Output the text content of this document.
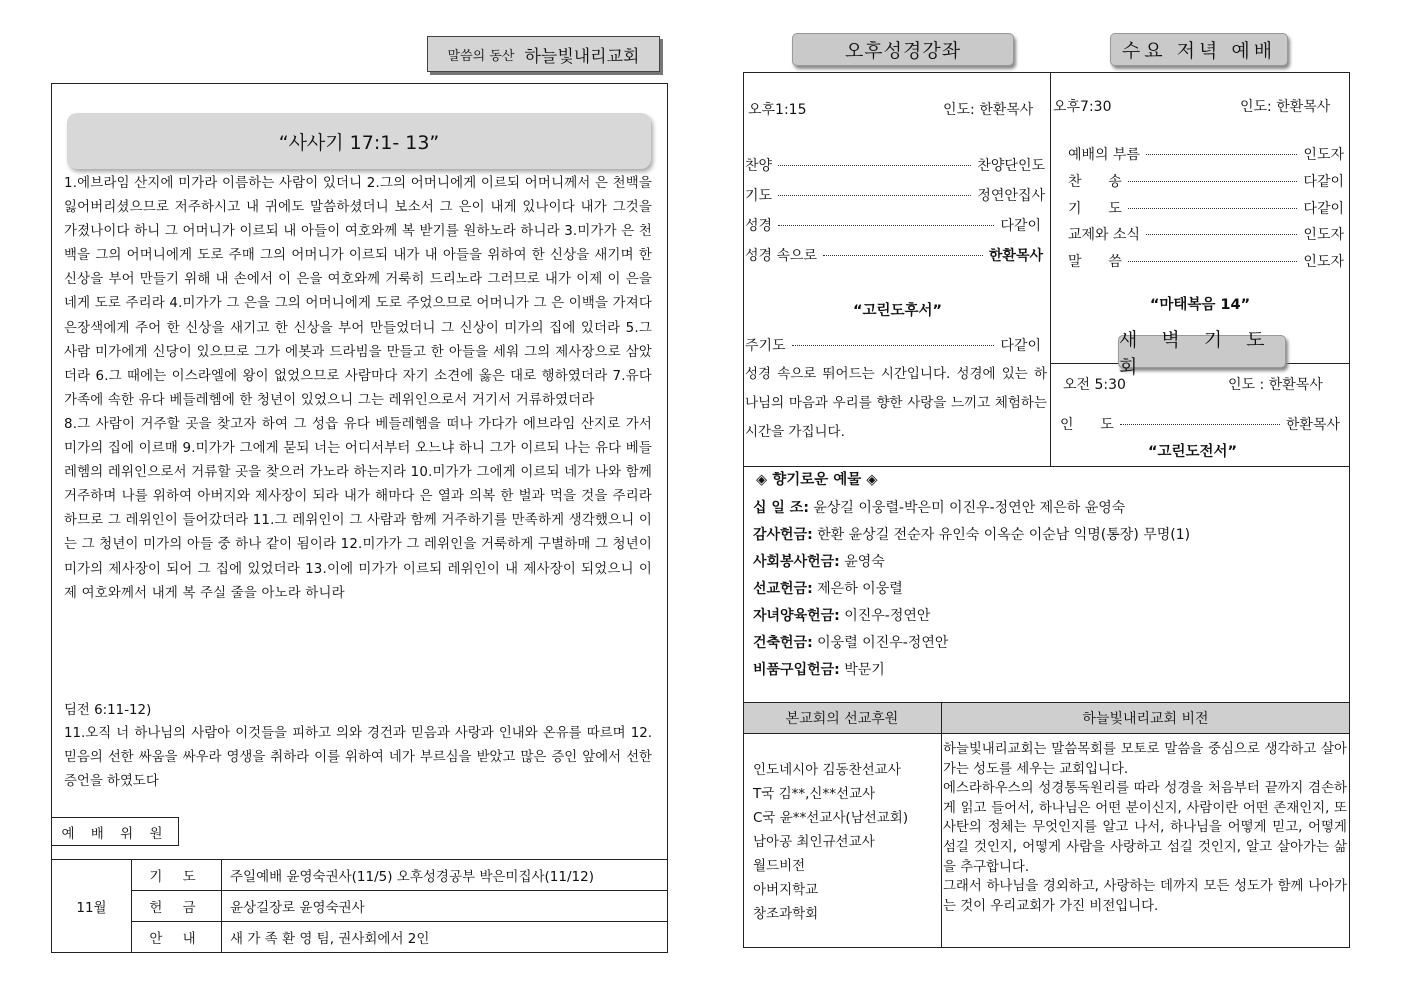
말씀의 동산 하늘빛내리교회
“사사기 17:1- 13”
1.에브라임 산지에 미가라 이름하는 사람이 있더니 2.그의 어머니에게 이르되 어머니께서 은 천백을 잃어버리셨으므로 저주하시고 내 귀에도 말씀하셨더니 보소서 그 은이 내게 있나이다 내가 그것을 가졌나이다 하니 그 어머니가 이르되 내 아들이 여호와께 복 받기를 원하노라 하니라 3.미가가 은 천백을 그의 어머니에게 도로 주매 그의 어머니가 이르되 내가 내 아들을 위하여 한 신상을 새기며 한 신상을 부어 만들기 위해 내 손에서 이 은을 여호와께 거룩히 드리노라 그러므로 내가 이제 이 은을 네게 도로 주리라 4.미가가 그 은을 그의 어머니에게 도로 주었으므로 어머니가 그 은 이백을 가져다 은장색에게 주어 한 신상을 새기고 한 신상을 부어 만들었더니 그 신상이 미가의 집에 있더라 5.그 사람 미가에게 신당이 있으므로 그가 에봇과 드라빔을 만들고 한 아들을 세워 그의 제사장으로 삼았더라 6.그 때에는 이스라엘에 왕이 없었으므로 사람마다 자기 소견에 옳은 대로 행하였더라 7.유다 가족에 속한 유다 베들레헴에 한 청년이 있었으니 그는 레위인으로서 거기서 거류하였더라
8.그 사람이 거주할 곳을 찾고자 하여 그 성읍 유다 베들레헴을 떠나 가다가 에브라임 산지로 가서 미가의 집에 이르매 9.미가가 그에게 묻되 너는 어디서부터 오느냐 하니 그가 이르되 나는 유다 베들레헴의 레위인으로서 거류할 곳을 찾으러 가노라 하는지라 10.미가가 그에게 이르되 네가 나와 함께 거주하며 나를 위하여 아버지와 제사장이 되라 내가 해마다 은 열과 의복 한 벌과 먹을 것을 주리라 하므로 그 레위인이 들어갔더라 11.그 레위인이 그 사람과 함께 거주하기를 만족하게 생각했으니 이는 그 청년이 미가의 아들 중 하나 같이 됨이라 12.미가가 그 레위인을 거룩하게 구별하매 그 청년이 미가의 제사장이 되어 그 집에 있었더라 13.이에 미가가 이르되 레위인이 내 제사장이 되었으니 이제 여호와께서 내게 복 주실 줄을 아노라 하니라
딤전 6:11-12)
11.오직 너 하나님의 사람아 이것들을 피하고 의와 경건과 믿음과 사랑과 인내와 온유를 따르며 12.믿음의 선한 싸움을 싸우라 영생을 취하라 이를 위하여 네가 부르심을 받았고 많은 증인 앞에서 선한 증언을 하였도다
예 배 위 원
11월	기 도	주일예배 윤영숙권사(11/5) 오후성경공부 박은미집사(11/12)
	헌 금	윤상길장로 윤영숙권사
	안 내	새 가 족 환 영 팀, 권사회에서 2인
오후성경강좌	수요 저녁 예배
새 벽 기 도 회
오후1:15	인도: 한환목사
찬양	찬양단인도
기도	정연안집사
성경	다같이
성경 속으로	한환목사
“고린도후서”
주기도	다같이
성경 속으로 뛰어드는 시간입니다. 성경에 있는 하나님의 마음과 우리를 향한 사랑을 느끼고 체험하는 시간을 가집니다.
오후7:30	인도: 한환목사
예배의 부름	인도자
찬      송	다같이
기      도	다같이
교제와 소식	인도자
말      씀	인도자
“마태복음 14”
오전 5:30	인도 : 한환목사
인      도	한환목사
“고린도전서”
◈ 향기로운 예물 ◈
십 일 조: 윤상길 이웅렬-박은미 이진우-정연안 제은하 윤영숙
감사헌금: 한환 윤상길 전순자 유인숙 이옥순 이순남 익명(통장) 무명(1)
사회봉사헌금: 윤영숙
선교헌금: 제은하 이웅렬
자녀양육헌금: 이진우-정연안
건축헌금: 이웅렬 이진우-정연안
비품구입헌금: 박문기
본교회의 선교후원	하늘빛내리교회 비전
인도네시아 김동찬선교사
T국 김**,신**선교사
C국 윤**선교사(남선교회)
남아공 최인규선교사
월드비전
아버지학교
창조과학회
하늘빛내리교회는 말씀목회를 모토로 말씀을 중심으로 생각하고 살아가는 성도를 세우는 교회입니다.
에스라하우스의 성경통독원리를 따라 성경을 처음부터 끝까지 겸손하게 읽고 들어서, 하나님은 어떤 분이신지, 사람이란 어떤 존재인지, 또 사탄의 정체는 무엇인지를 알고 나서, 하나님을 어떻게 믿고, 어떻게 섬길 것인지, 어떻게 사람을 사랑하고 섬길 것인지, 알고 살아가는 삶을 추구합니다.
그래서 하나님을 경외하고, 사랑하는 데까지 모든 성도가 함께 나아가는 것이 우리교회가 가진 비전입니다.
